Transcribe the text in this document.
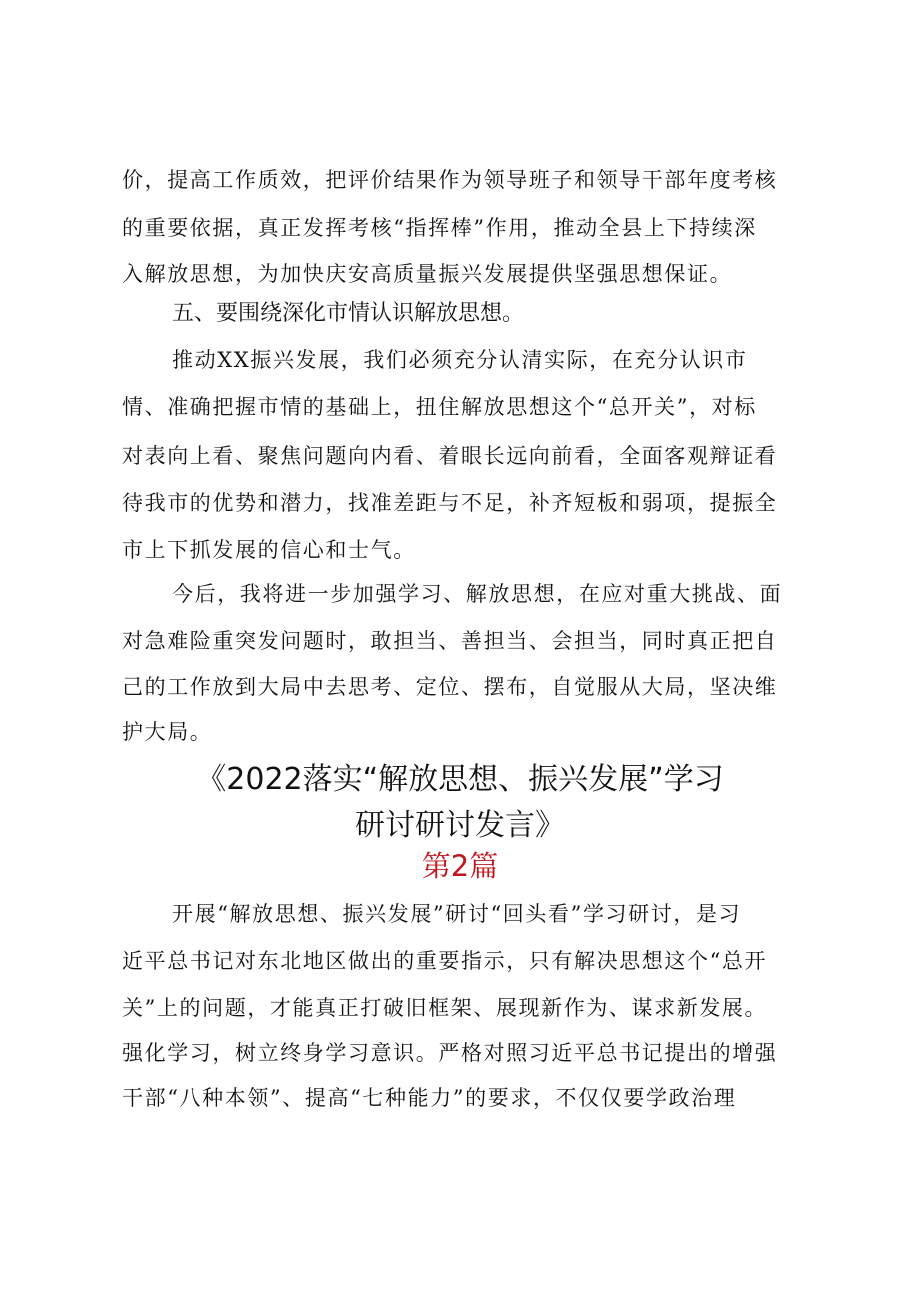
价，提高工作质效，把评价结果作为领导班子和领导干部年度考核
的重要依据，真正发挥考核“指挥棒”作用，推动全县上下持续深
入解放思想，为加快庆安高质量振兴发展提供坚强思想保证。
五、要围绕深化市情认识解放思想。
推动XX振兴发展，我们必须充分认清实际，在充分认识市
情、准确把握市情的基础上，扭住解放思想这个“总开关”，对标
对表向上看、聚焦问题向内看、着眼长远向前看，全面客观辩证看
待我市的优势和潜力，找准差距与不足，补齐短板和弱项，提振全
市上下抓发展的信心和士气。
今后，我将进一步加强学习、解放思想，在应对重大挑战、面
对急难险重突发问题时，敢担当、善担当、会担当，同时真正把自
己的工作放到大局中去思考、定位、摆布，自觉服从大局，坚决维
护大局。
《2022落实“解放思想、振兴发展”学习
研讨研讨发言》
第2篇
开展“解放思想、振兴发展”研讨“回头看”学习研讨，是习
近平总书记对东北地区做出的重要指示，只有解决思想这个“总开
关”上的问题，才能真正打破旧框架、展现新作为、谋求新发展。
强化学习，树立终身学习意识。严格对照习近平总书记提出的增强
干部“八种本领”、提高“七种能力”的要求，不仅仅要学政治理
